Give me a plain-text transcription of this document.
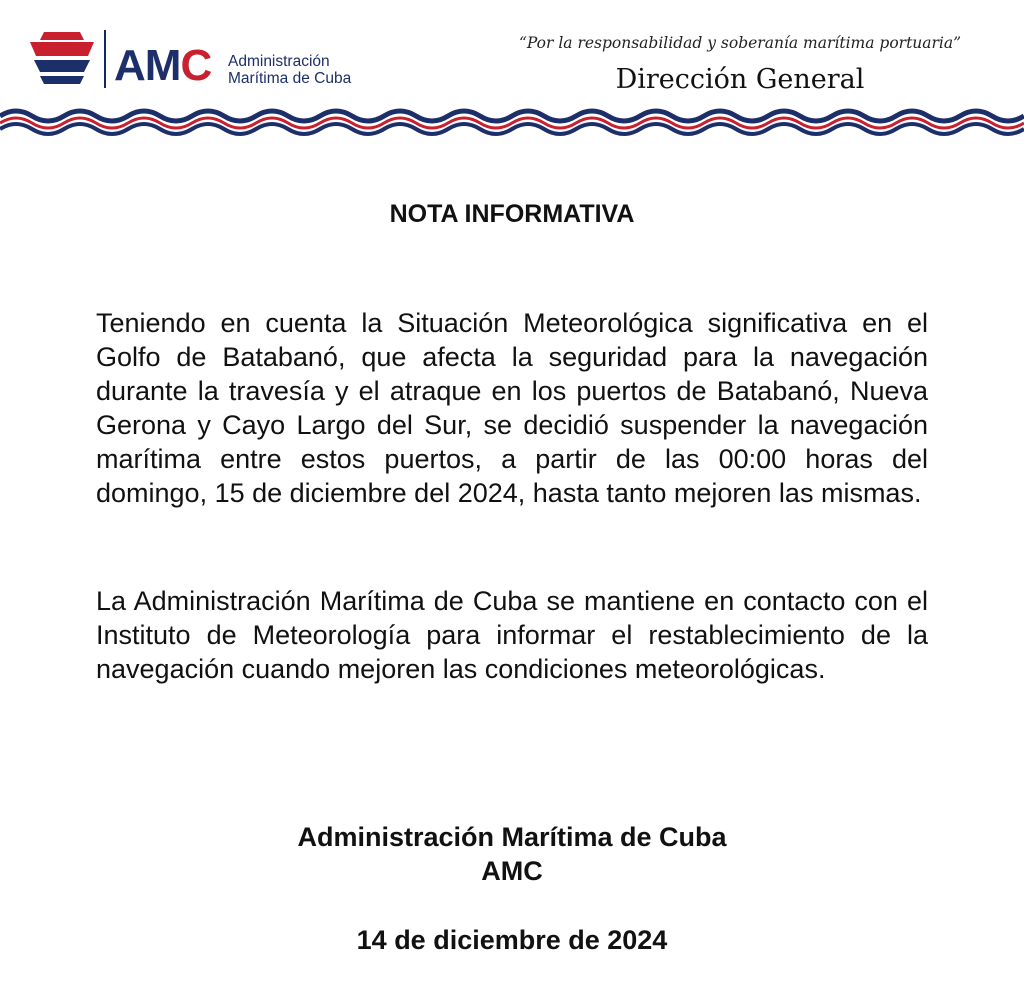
AMC Administración
Marítima de Cuba
“Por la responsabilidad y soberanía marítima portuaria”
Dirección General
NOTA INFORMATIVA
Teniendo en cuenta la Situación Meteorológica significativa en el Golfo de Batabanó, que afecta la seguridad para la navegación durante la travesía y el atraque en los puertos de Batabanó, Nueva Gerona y Cayo Largo del Sur, se decidió suspender la navegación marítima entre estos puertos, a partir de las 00:00 horas del domingo, 15 de diciembre del 2024, hasta tanto mejoren las mismas.
La Administración Marítima de Cuba se mantiene en contacto con el Instituto de Meteorología para informar el restablecimiento de la navegación cuando mejoren las condiciones meteorológicas.
Administración Marítima de Cuba
AMC
14 de diciembre de 2024
